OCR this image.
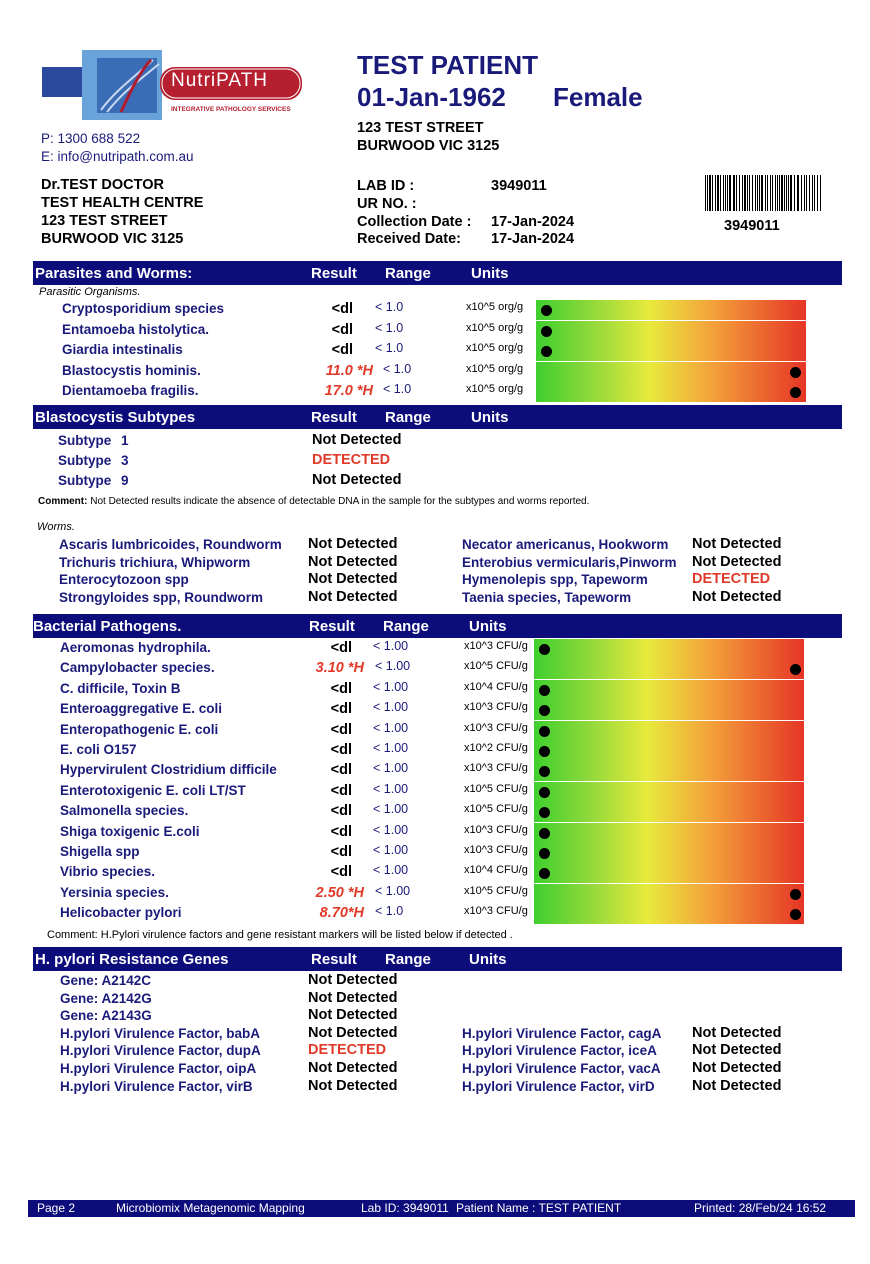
NutriPATH
INTEGRATIVE PATHOLOGY SERVICES
P: 1300 688 522
E: info@nutripath.com.au
TEST PATIENT
01-Jan-1962 Female
123 TEST STREET
BURWOOD VIC 3125
Dr.TEST DOCTOR
TEST HEALTH CENTRE
123 TEST STREET
BURWOOD VIC 3125
LAB ID :	3949011
UR NO. :
Collection Date : 17-Jan-2024
Received Date: 17-Jan-2024
3949011
Parasites and Worms:	Result Range	Units
Parasitic Organisms.
Cryptosporidium species	<dl < 1.0	x10^5 org/g
Entamoeba histolytica.	<dl < 1.0	x10^5 org/g
Giardia intestinalis	<dl < 1.0	x10^5 org/g
Blastocystis hominis.	11.0 *H < 1.0	x10^5 org/g
Dientamoeba fragilis.	17.0 *H < 1.0	x10^5 org/g
Blastocystis Subtypes	Result Range	Units
Subtype 1	Not Detected
Subtype 3	DETECTED
Subtype 9	Not Detected
Comment: Not Detected results indicate the absence of detectable DNA in the sample for the subtypes and worms reported.
Worms.
Ascaris lumbricoides, Roundworm Not Detected	Necator americanus, Hookworm Not Detected
Trichuris trichiura, Whipworm	Not Detected	Enterobius vermicularis,Pinworm Not Detected
Enterocytozoon spp	Not Detected	Hymenolepis spp, Tapeworm	DETECTED
Strongyloides spp, Roundworm	Not Detected	Taenia species, Tapeworm	Not Detected
Bacterial Pathogens.	Result Range	Units
Aeromonas hydrophila.	<dl < 1.00	x10^3 CFU/g
Campylobacter species.	3.10 *H < 1.00	x10^5 CFU/g
C. difficile, Toxin B	<dl < 1.00	x10^4 CFU/g
Enteroaggregative E. coli	<dl < 1.00	x10^3 CFU/g
Enteropathogenic E. coli	<dl < 1.00	x10^3 CFU/g
E. coli O157	<dl < 1.00	x10^2 CFU/g
Hypervirulent Clostridium difficile	<dl < 1.00	x10^3 CFU/g
Enterotoxigenic E. coli LT/ST	<dl < 1.00	x10^5 CFU/g
Salmonella species.	<dl < 1.00	x10^5 CFU/g
Shiga toxigenic E.coli	<dl < 1.00	x10^3 CFU/g
Shigella spp	<dl < 1.00	x10^3 CFU/g
Vibrio species.	<dl < 1.00	x10^4 CFU/g
Yersinia species.	2.50 *H < 1.00	x10^5 CFU/g
Helicobacter pylori	8.70*H < 1.0	x10^3 CFU/g
Comment: H.Pylori virulence factors and gene resistant markers will be listed below if detected .
H. pylori Resistance Genes	Result Range	Units
Gene: A2142C	Not Detected
Gene: A2142G	Not Detected
Gene: A2143G	Not Detected
H.pylori Virulence Factor, babA	Not Detected	H.pylori Virulence Factor, cagA Not Detected
H.pylori Virulence Factor, dupA	DETECTED	H.pylori Virulence Factor, iceA Not Detected
H.pylori Virulence Factor, oipA	Not Detected	H.pylori Virulence Factor, vacA Not Detected
H.pylori Virulence Factor, virB	Not Detected	H.pylori Virulence Factor, virD	Not Detected
Page 2	Microbiomix Metagenomic Mapping	Lab ID: 3949011 Patient Name : TEST PATIENT	Printed: 28/Feb/24 16:52
